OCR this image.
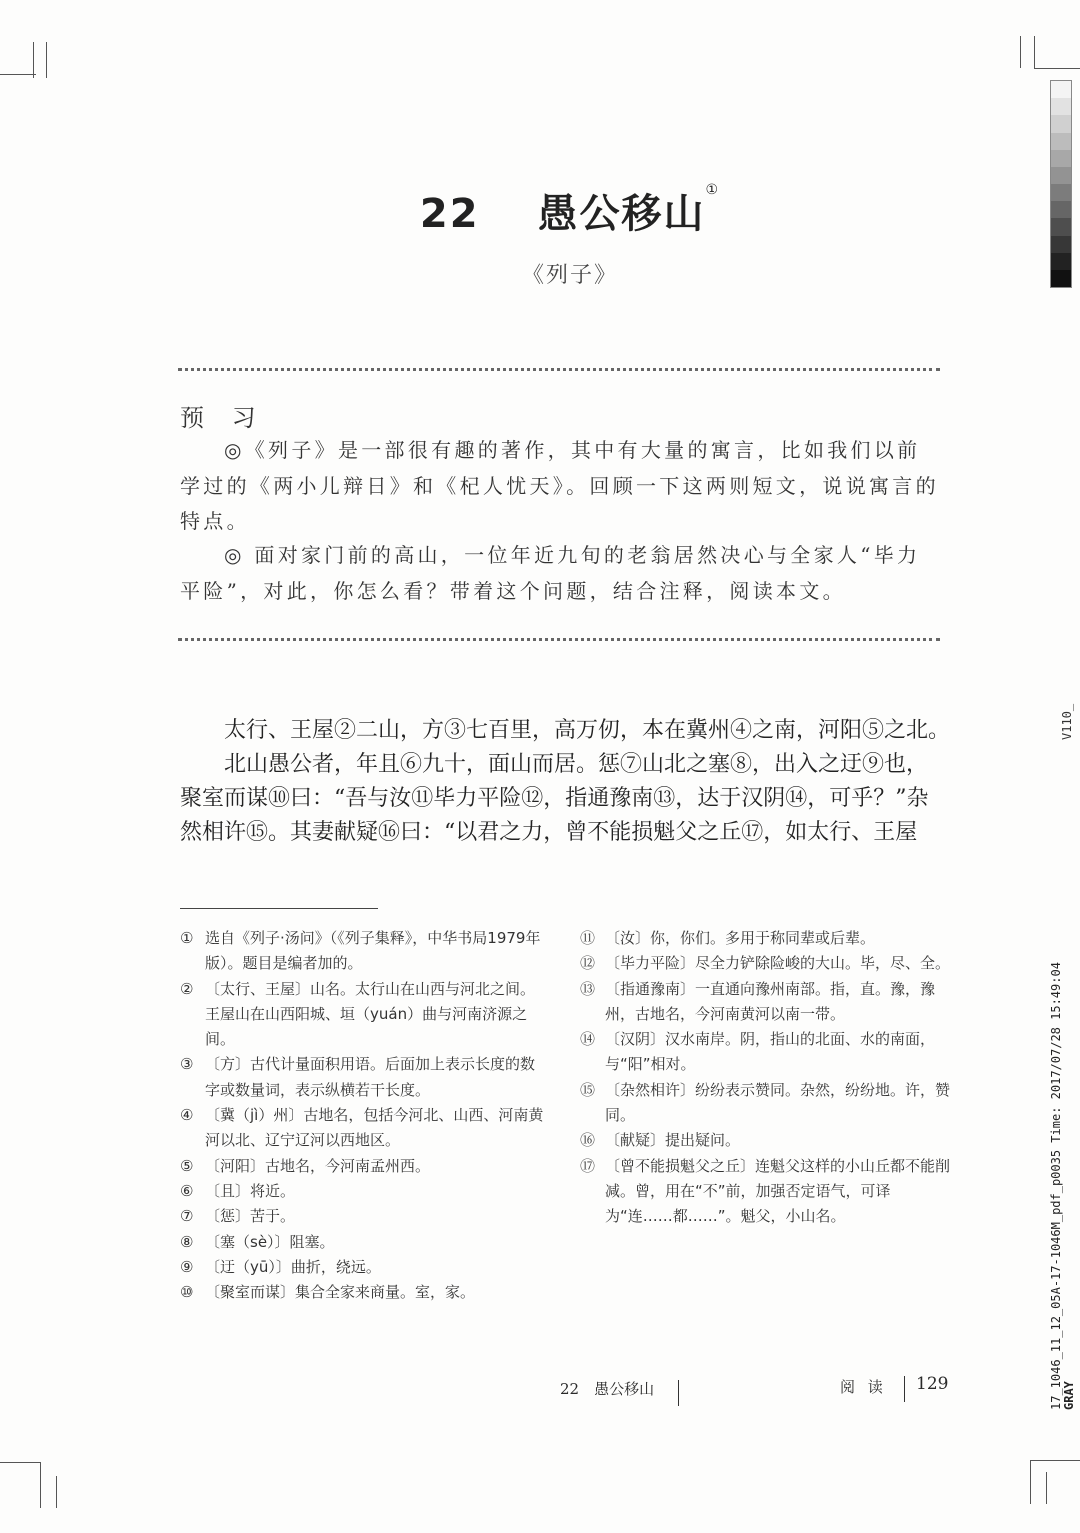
22　 愚公移山①
《列子》
预 习
◎《列子》是一部很有趣的著作，其中有大量的寓言，比如我们以前学过的《两小儿辩日》和《杞人忧天》。回顾一下这两则短文，说说寓言的特点。
◎ 面对家门前的高山，一位年近九旬的老翁居然决心与全家人“毕力平险”，对此，你怎么看？带着这个问题，结合注释，阅读本文。
　　太行、王屋②二山，方③七百里，高万仞，本在冀州④之南，河阳⑤之北。
　　北山愚公者，年且⑥九十，面山而居。惩⑦山北之塞⑧，出入之迂⑨也，
聚室而谋⑩曰：“吾与汝⑪毕力平险⑫，指通豫南⑬，达于汉阴⑭，可乎？”杂
然相许⑮。其妻献疑⑯曰：“以君之力，曾不能损魁父之丘⑰，如太行、王屋
① 选自《列子·汤问》（《列子集释》，中华书局1979年版）。题目是编者加的。
② 〔太行、王屋〕山名。太行山在山西与河北之间。王屋山在山西阳城、垣（yuán）曲与河南济源之间。
③ 〔方〕古代计量面积用语。后面加上表示长度的数字或数量词，表示纵横若干长度。
④ 〔冀（jì）州〕古地名，包括今河北、山西、河南黄河以北、辽宁辽河以西地区。
⑤ 〔河阳〕古地名，今河南孟州西。
⑥ 〔且〕将近。
⑦ 〔惩〕苦于。
⑧ 〔塞（sè）〕阻塞。
⑨ 〔迂（yū）〕曲折，绕远。
⑩ 〔聚室而谋〕集合全家来商量。室，家。
⑪ 〔汝〕你，你们。多用于称同辈或后辈。
⑫ 〔毕力平险〕尽全力铲除险峻的大山。毕，尽、全。
⑬ 〔指通豫南〕一直通向豫州南部。指，直。豫，豫州，古地名，今河南黄河以南一带。
⑭ 〔汉阴〕汉水南岸。阴，指山的北面、水的南面，与“阳”相对。
⑮ 〔杂然相许〕纷纷表示赞同。杂然，纷纷地。许，赞同。
⑯ 〔献疑〕提出疑问。
⑰ 〔曾不能损魁父之丘〕连魁父这样的小山丘都不能削减。曾，用在“不”前，加强否定语气，可译为“连……都……”。魁父，小山名。
22　愚公移山	阅 读 129
V110_
17_1046_11_12_05A-17-1046M_pdf_p0035 Time: 2017/07/28 15:49:04 GRAY
